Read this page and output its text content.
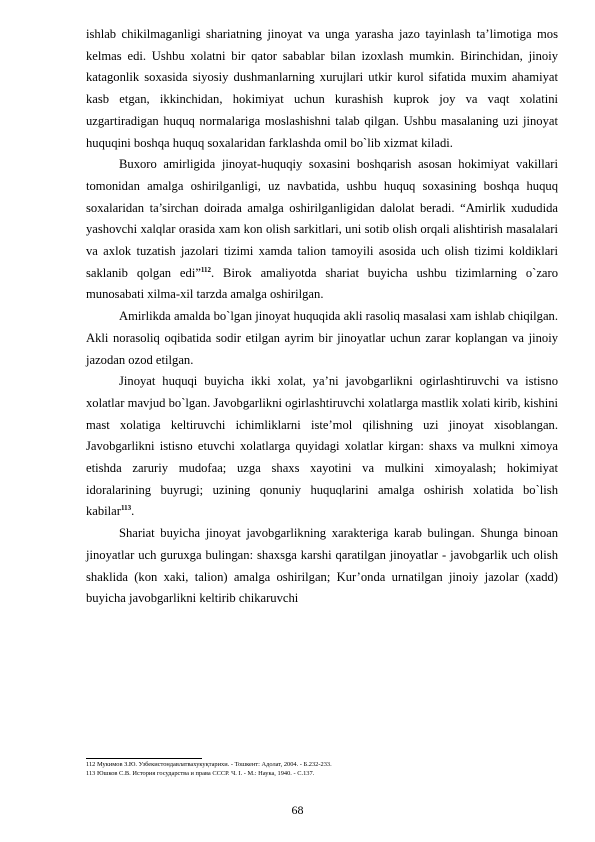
ishlab chikilmaganligi shariatning jinoyat va unga yarasha jazo tayinlash ta’limotiga mos kelmas edi. Ushbu xolatni bir qator sabablar bilan izoxlash mumkin. Birinchidan, jinoiy katagonlik soxasida siyosiy dushmanlarning xurujlari utkir kurol sifatida muxim ahamiyat kasb etgan, ikkinchidan, hokimiyat uchun kurashish kuprok joy va vaqt xolatini uzgartiradigan huquq normalariga moslashishni talab qilgan. Ushbu masalaning uzi jinoyat huquqini boshqa huquq soxalaridan farklashda omil bo`lib xizmat kiladi.

Buxoro amirligida jinoyat-huquqiy soxasini boshqarish asosan hokimiyat vakillari tomonidan amalga oshirilganligi, uz navbatida, ushbu huquq soxasining boshqa huquq soxalaridan ta’sirchan doirada amalga oshirilganligidan dalolat beradi. “Amirlik xududida yashovchi xalqlar orasida xam kon olish sarkitlari, uni sotib olish orqali alishtirish masalalari va axlok tuzatish jazolari tizimi xamda talion tamoyili asosida uch olish tizimi koldiklari saklanib qolgan edi”$^{112}$. Birok amaliyotda shariat buyicha ushbu tizimlarning o`zaro munosabati xilma-xil tarzda amalga oshirilgan.

Amirlikda amalda bo`lgan jinoyat huquqida akli rasoliq masalasi xam ishlab chiqilgan. Akli norasoliq oqibatida sodir etilgan ayrim bir jinoyatlar uchun zarar koplangan va jinoiy jazodan ozod etilgan.

Jinoyat huquqi buyicha ikki xolat, ya’ni javobgarlikni ogirlashtiruvchi va istisno xolatlar mavjud bo`lgan. Javobgarlikni ogirlashtiruvchi xolatlarga mastlik xolati kirib, kishini mast xolatiga keltiruvchi ichimliklarni iste’mol qilishning uzi jinoyat xisoblangan. Javobgarlikni istisno etuvchi xolatlarga quyidagi xolatlar kirgan: shaxs va mulkni ximoya etishda zaruriy mudofaa; uzga shaxs xayotini va mulkini ximoyalash; hokimiyat idoralarining buyrugi; uzining qonuniy huquqlarini amalga oshirish xolatida bo`lish kabilar$^{113}$.

Shariat buyicha jinoyat javobgarlikning xarakteriga karab bulingan. Shunga binoan jinoyatlar uch guruxga bulingan: shaxsga karshi qaratilgan jinoyatlar - javobgarlik uch olish shaklida (kon xaki, talion) amalga oshirilgan; Kur’onda urnatilgan jinoiy jazolar (xadd) buyicha javobgarlikni keltirib chikaruvchi

112 Мукимов З.Ю. Узбекистондавлатвахукуқтарихи. - Тошкент: Адолат, 2004. - Б.232-233.

113 Юшков С.В. История государства и права СССР. Ч. I. - М.: Наука, 1940. - С.137.

68
